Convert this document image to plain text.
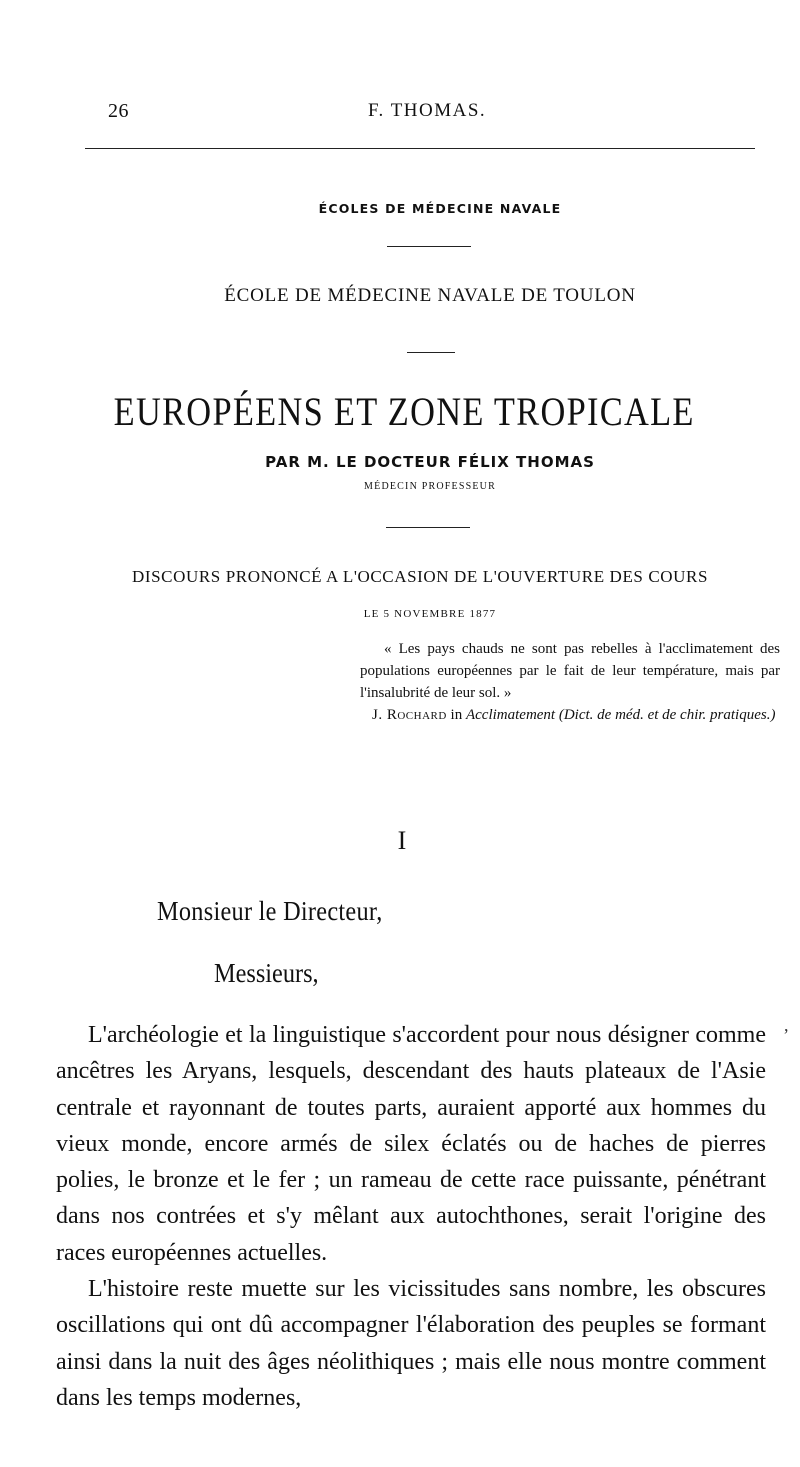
26	F. THOMAS.
ÉCOLES DE MÉDECINE NAVALE
ÉCOLE DE MÉDECINE NAVALE DE TOULON
EUROPÉENS ET ZONE TROPICALE
PAR M. LE DOCTEUR FÉLIX THOMAS
MÉDECIN PROFESSEUR
DISCOURS PRONONCÉ A L'OCCASION DE L'OUVERTURE DES COURS
LE 5 NOVEMBRE 1877
« Les pays chauds ne sont pas rebelles à l'acclimatement des populations européennes par le fait de leur température, mais par l'insalubrité de leur sol. »
J. Rochard in Acclimatement (Dict. de méd. et de chir. pratiques.)
I
Monsieur le Directeur,
Messieurs,
,

L'archéologie et la linguistique s'accordent pour nous désigner comme ancêtres les Aryans, lesquels, descendant des hauts plateaux de l'Asie centrale et rayonnant de toutes parts, auraient apporté aux hommes du vieux monde, encore armés de silex éclatés ou de haches de pierres polies, le bronze et le fer ; un rameau de cette race puissante, pénétrant dans nos contrées et s'y mêlant aux autochthones, serait l'origine des races européennes actuelles.

L'histoire reste muette sur les vicissitudes sans nombre, les obscures oscillations qui ont dû accompagner l'élaboration des peuples se formant ainsi dans la nuit des âges néolithiques ; mais elle nous montre comment dans les temps modernes,
